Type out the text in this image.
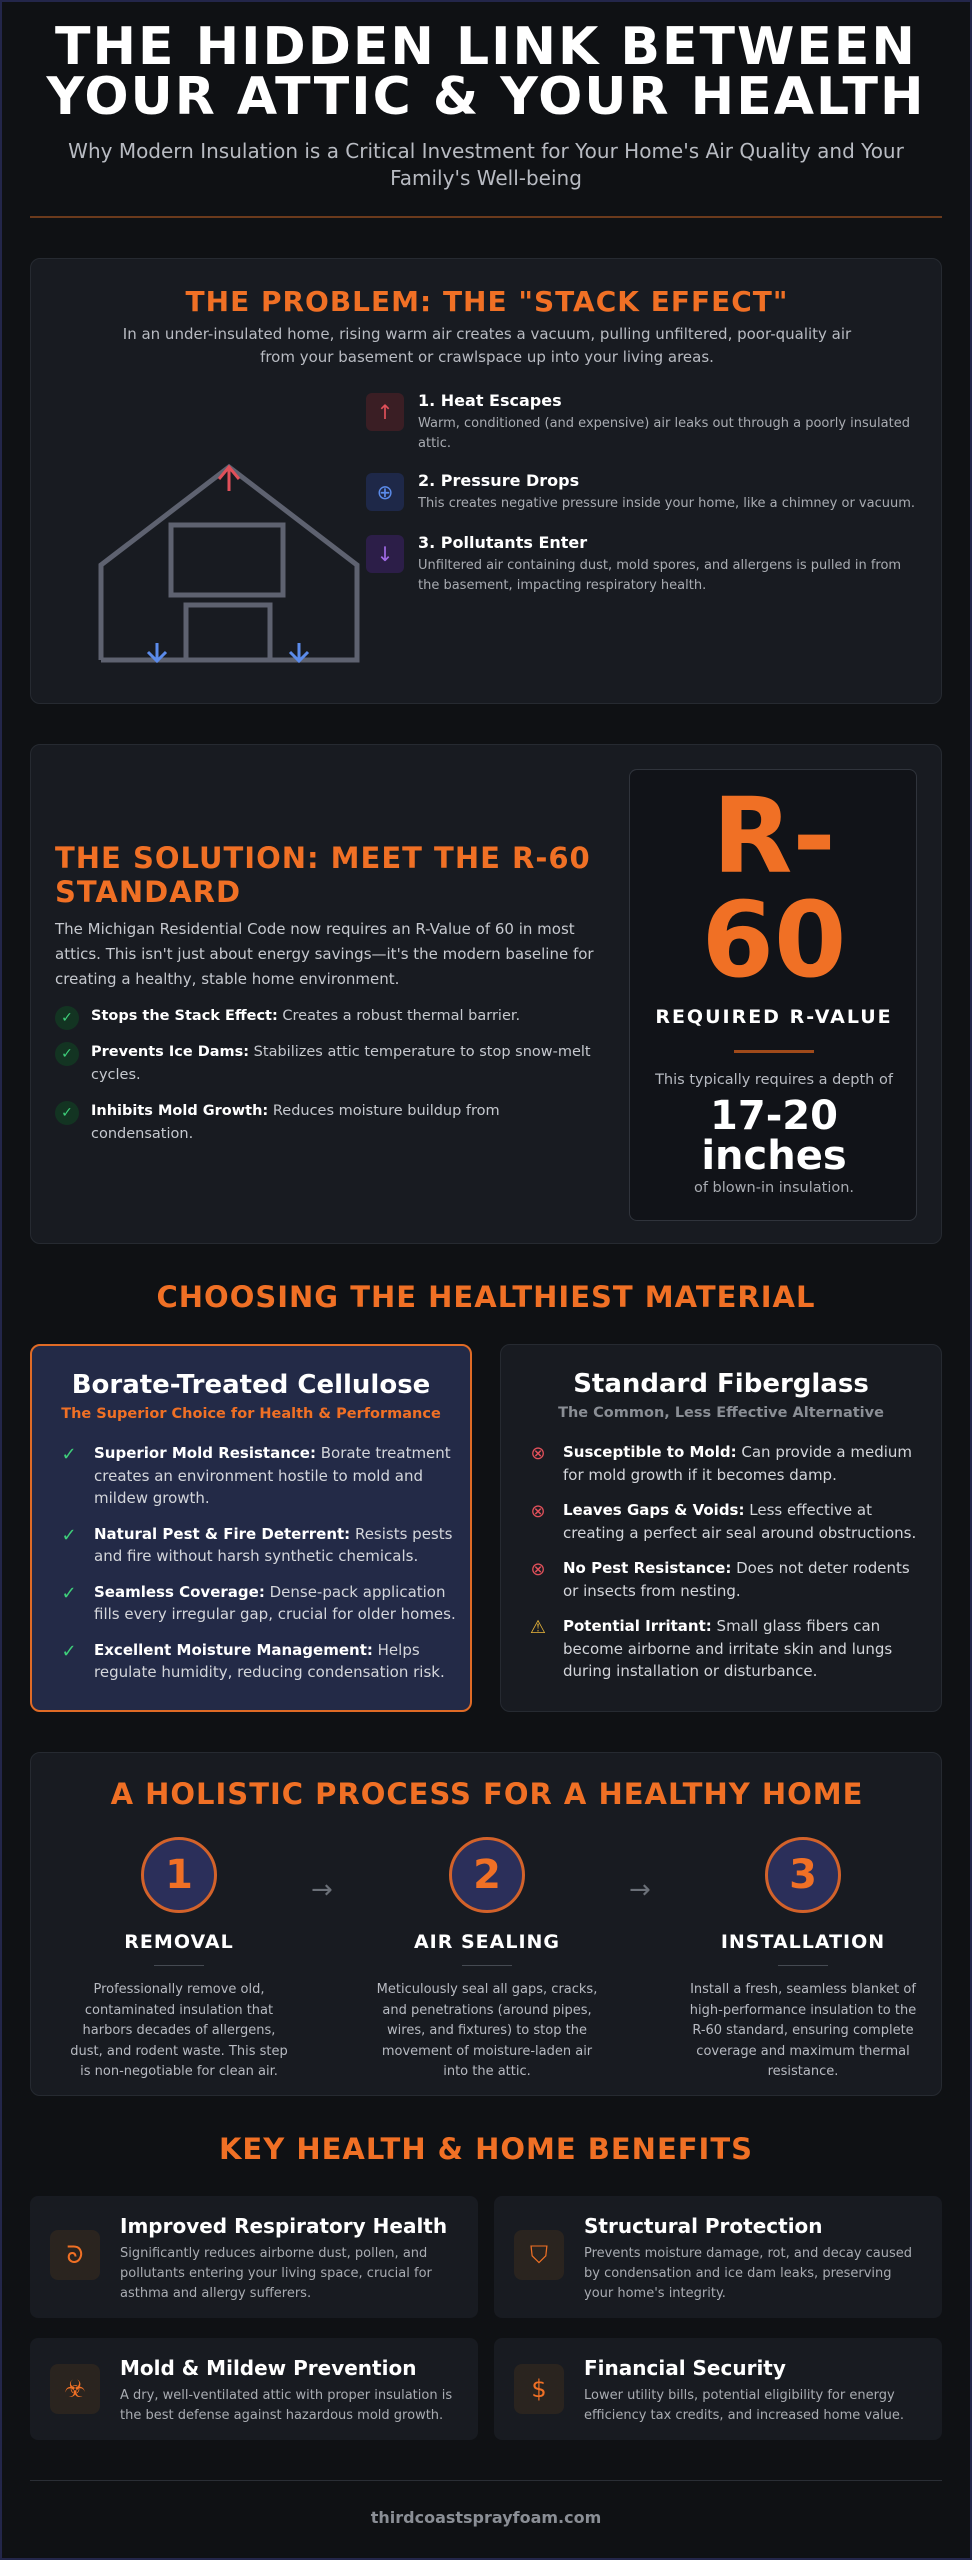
THE HIDDEN LINK BETWEEN
YOUR ATTIC & YOUR HEALTH
Why Modern Insulation is a Critical Investment for Your Home's Air Quality and Your Family's Well-being
THE PROBLEM: THE "STACK EFFECT"
In an under-insulated home, rising warm air creates a vacuum, pulling unfiltered, poor-quality air from your basement or crawlspace up into your living areas.
↑	1. Heat Escapes
Warm, conditioned (and expensive) air leaks out through a poorly insulated attic.
⊕	2. Pressure Drops
This creates negative pressure inside your home, like a chimney or vacuum.
↓	3. Pollutants Enter
Unfiltered air containing dust, mold spores, and allergens is pulled in from the basement, impacting respiratory health.
THE SOLUTION: MEET THE R-60 STANDARD
The Michigan Residential Code now requires an R-Value of 60 in most attics. This isn't just about energy savings—it's the modern baseline for creating a healthy, stable home environment.
✓	Stops the Stack Effect: Creates a robust thermal barrier.
✓	Prevents Ice Dams: Stabilizes attic temperature to stop snow-melt cycles.
✓	Inhibits Mold Growth: Reduces moisture buildup from condensation.
R-
60
REQUIRED R-VALUE
This typically requires a depth of
17-20
inches
of blown-in insulation.
CHOOSING THE HEALTHIEST MATERIAL
Borate-Treated Cellulose
The Superior Choice for Health & Performance
✓ Superior Mold Resistance: Borate treatment creates an environment hostile to mold and mildew growth.
✓ Natural Pest & Fire Deterrent: Resists pests and fire without harsh synthetic chemicals.
✓ Seamless Coverage: Dense-pack application fills every irregular gap, crucial for older homes.
✓ Excellent Moisture Management: Helps regulate humidity, reducing condensation risk.
Standard Fiberglass
The Common, Less Effective Alternative
⊗ Susceptible to Mold: Can provide a medium for mold growth if it becomes damp.
⊗ Leaves Gaps & Voids: Less effective at creating a perfect air seal around obstructions.
⊗ No Pest Resistance: Does not deter rodents or insects from nesting.
⚠ Potential Irritant: Small glass fibers can become airborne and irritate skin and lungs during installation or disturbance.
A HOLISTIC PROCESS FOR A HEALTHY HOME
1
REMOVAL
Professionally remove old, contaminated insulation that harbors decades of allergens, dust, and rodent waste. This step is non-negotiable for clean air.
→	2
AIR SEALING
Meticulously seal all gaps, cracks, and penetrations (around pipes, wires, and fixtures) to stop the movement of moisture-laden air into the attic.
→	3
INSTALLATION
Install a fresh, seamless blanket of high-performance insulation to the R-60 standard, ensuring complete coverage and maximum thermal resistance.
KEY HEALTH & HOME BENEFITS
ᘐ
Improved Respiratory Health
Significantly reduces airborne dust, pollen, and pollutants entering your living space, crucial for asthma and allergy sufferers.
⛉
Structural Protection
Prevents moisture damage, rot, and decay caused by condensation and ice dam leaks, preserving your home's integrity.
☣
Mold & Mildew Prevention
A dry, well-ventilated attic with proper insulation is the best defense against hazardous mold growth.
$
Financial Security
Lower utility bills, potential eligibility for energy efficiency tax credits, and increased home value.
thirdcoastsprayfoam.com
